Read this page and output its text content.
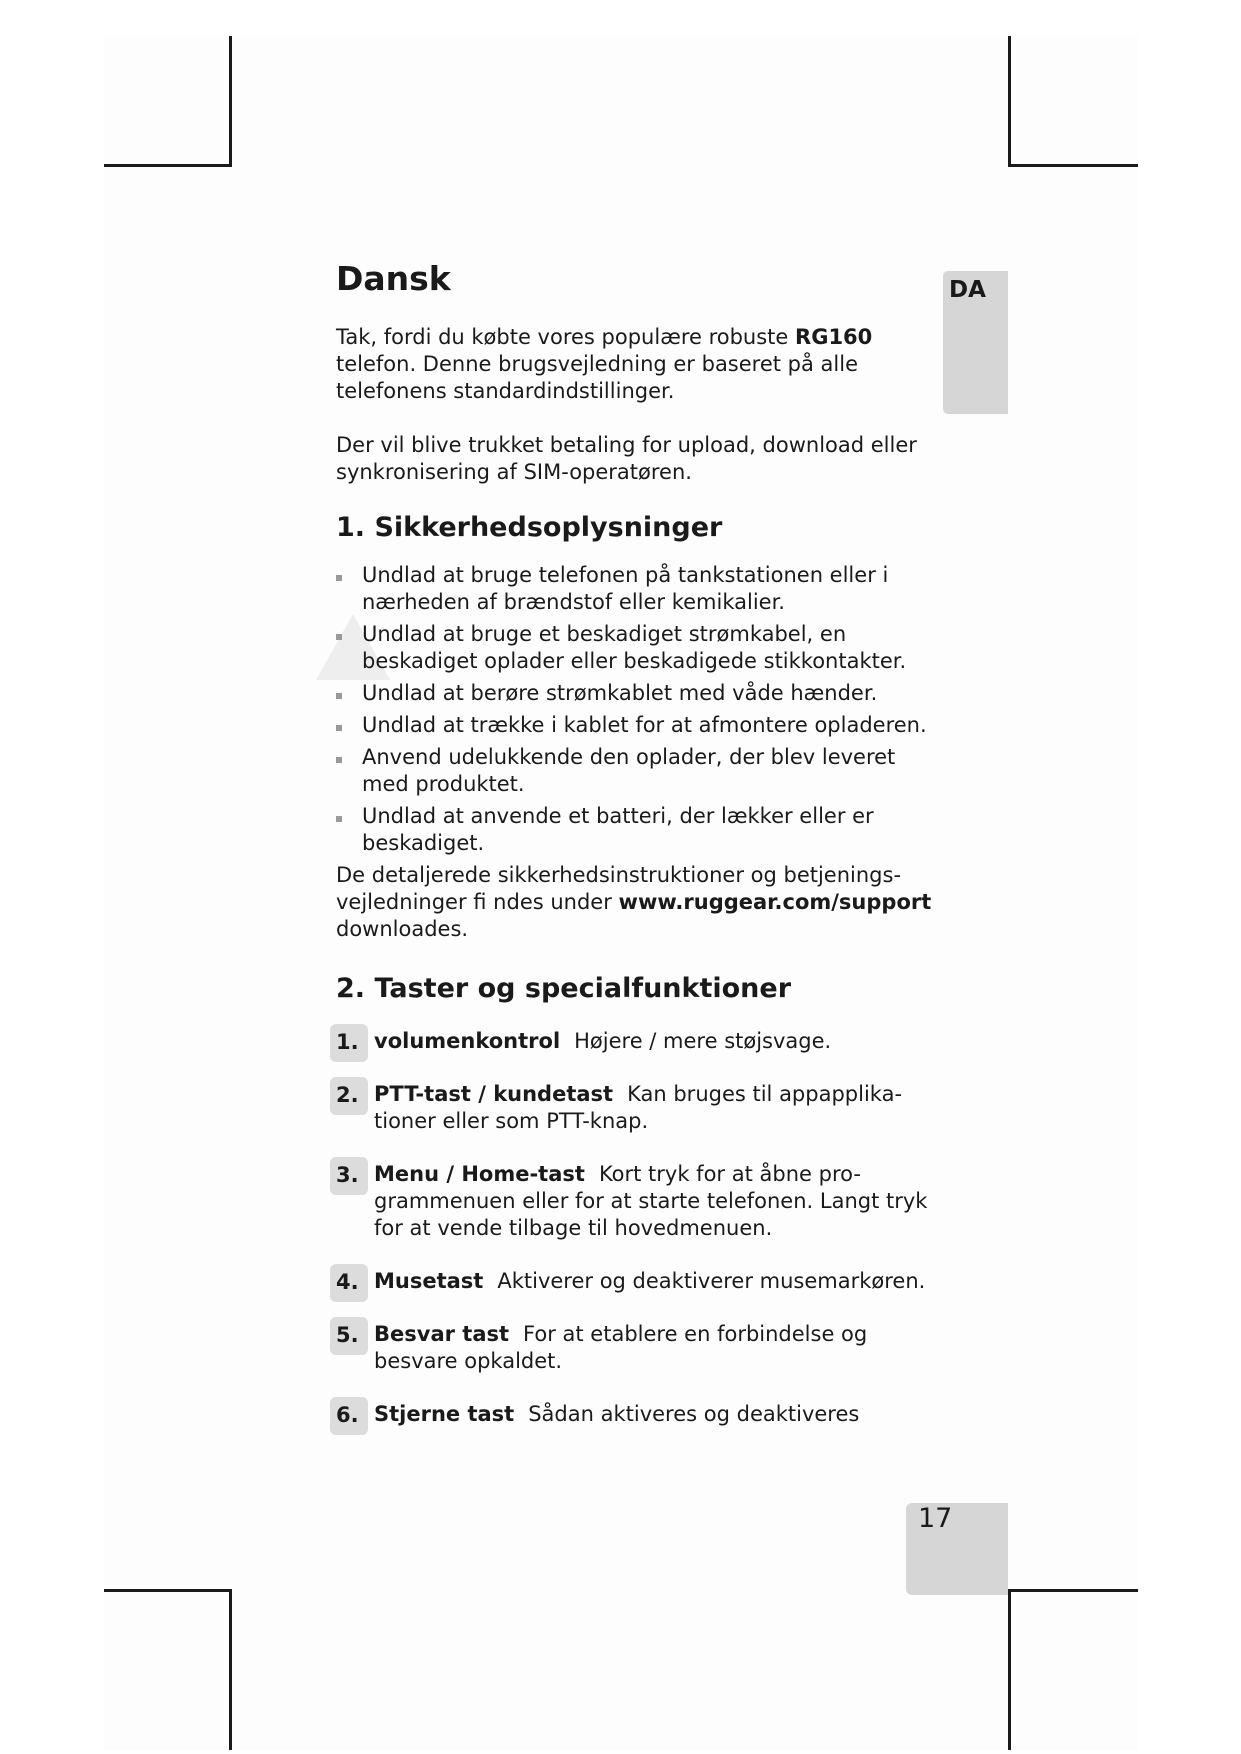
DA
17
Dansk

Tak, fordi du købte vores populære robuste RG160 telefon. Denne brugsvejledning er baseret på alle telefonens standardindstillinger.

Der vil blive trukket betaling for upload, download eller synkronisering af SIM-operatøren.

1. Sikkerhedsoplysninger
Undlad at bruge telefonen på tankstationen eller i nærheden af brændstof eller kemikalier.
Undlad at bruge et beskadiget strømkabel, en beskadiget oplader eller beskadigede stikkontakter.
Undlad at berøre strømkablet med våde hænder.
Undlad at trække i kablet for at afmontere opladeren.
Anvend udelukkende den oplader, der blev leveret med produktet.
Undlad at anvende et batteri, der lækker eller er beskadiget.

De detaljerede sikkerhedsinstruktioner og betjenings-vejledninger fi ndes under www.ruggear.com/support downloades.

2. Taster og specialfunktioner
1. volumenkontrol Højere / mere støjsvage.
2. PTT-tast / kundetast Kan bruges til appapplika-tioner eller som PTT-knap.
3. Menu / Home-tast Kort tryk for at åbne pro-grammenuen eller for at starte telefonen. Langt tryk for at vende tilbage til hovedmenuen.
4. Musetast Aktiverer og deaktiverer musemarkøren.
5. Besvar tast For at etablere en forbindelse og besvare opkaldet.
6. Stjerne tast Sådan aktiveres og deaktiveres
